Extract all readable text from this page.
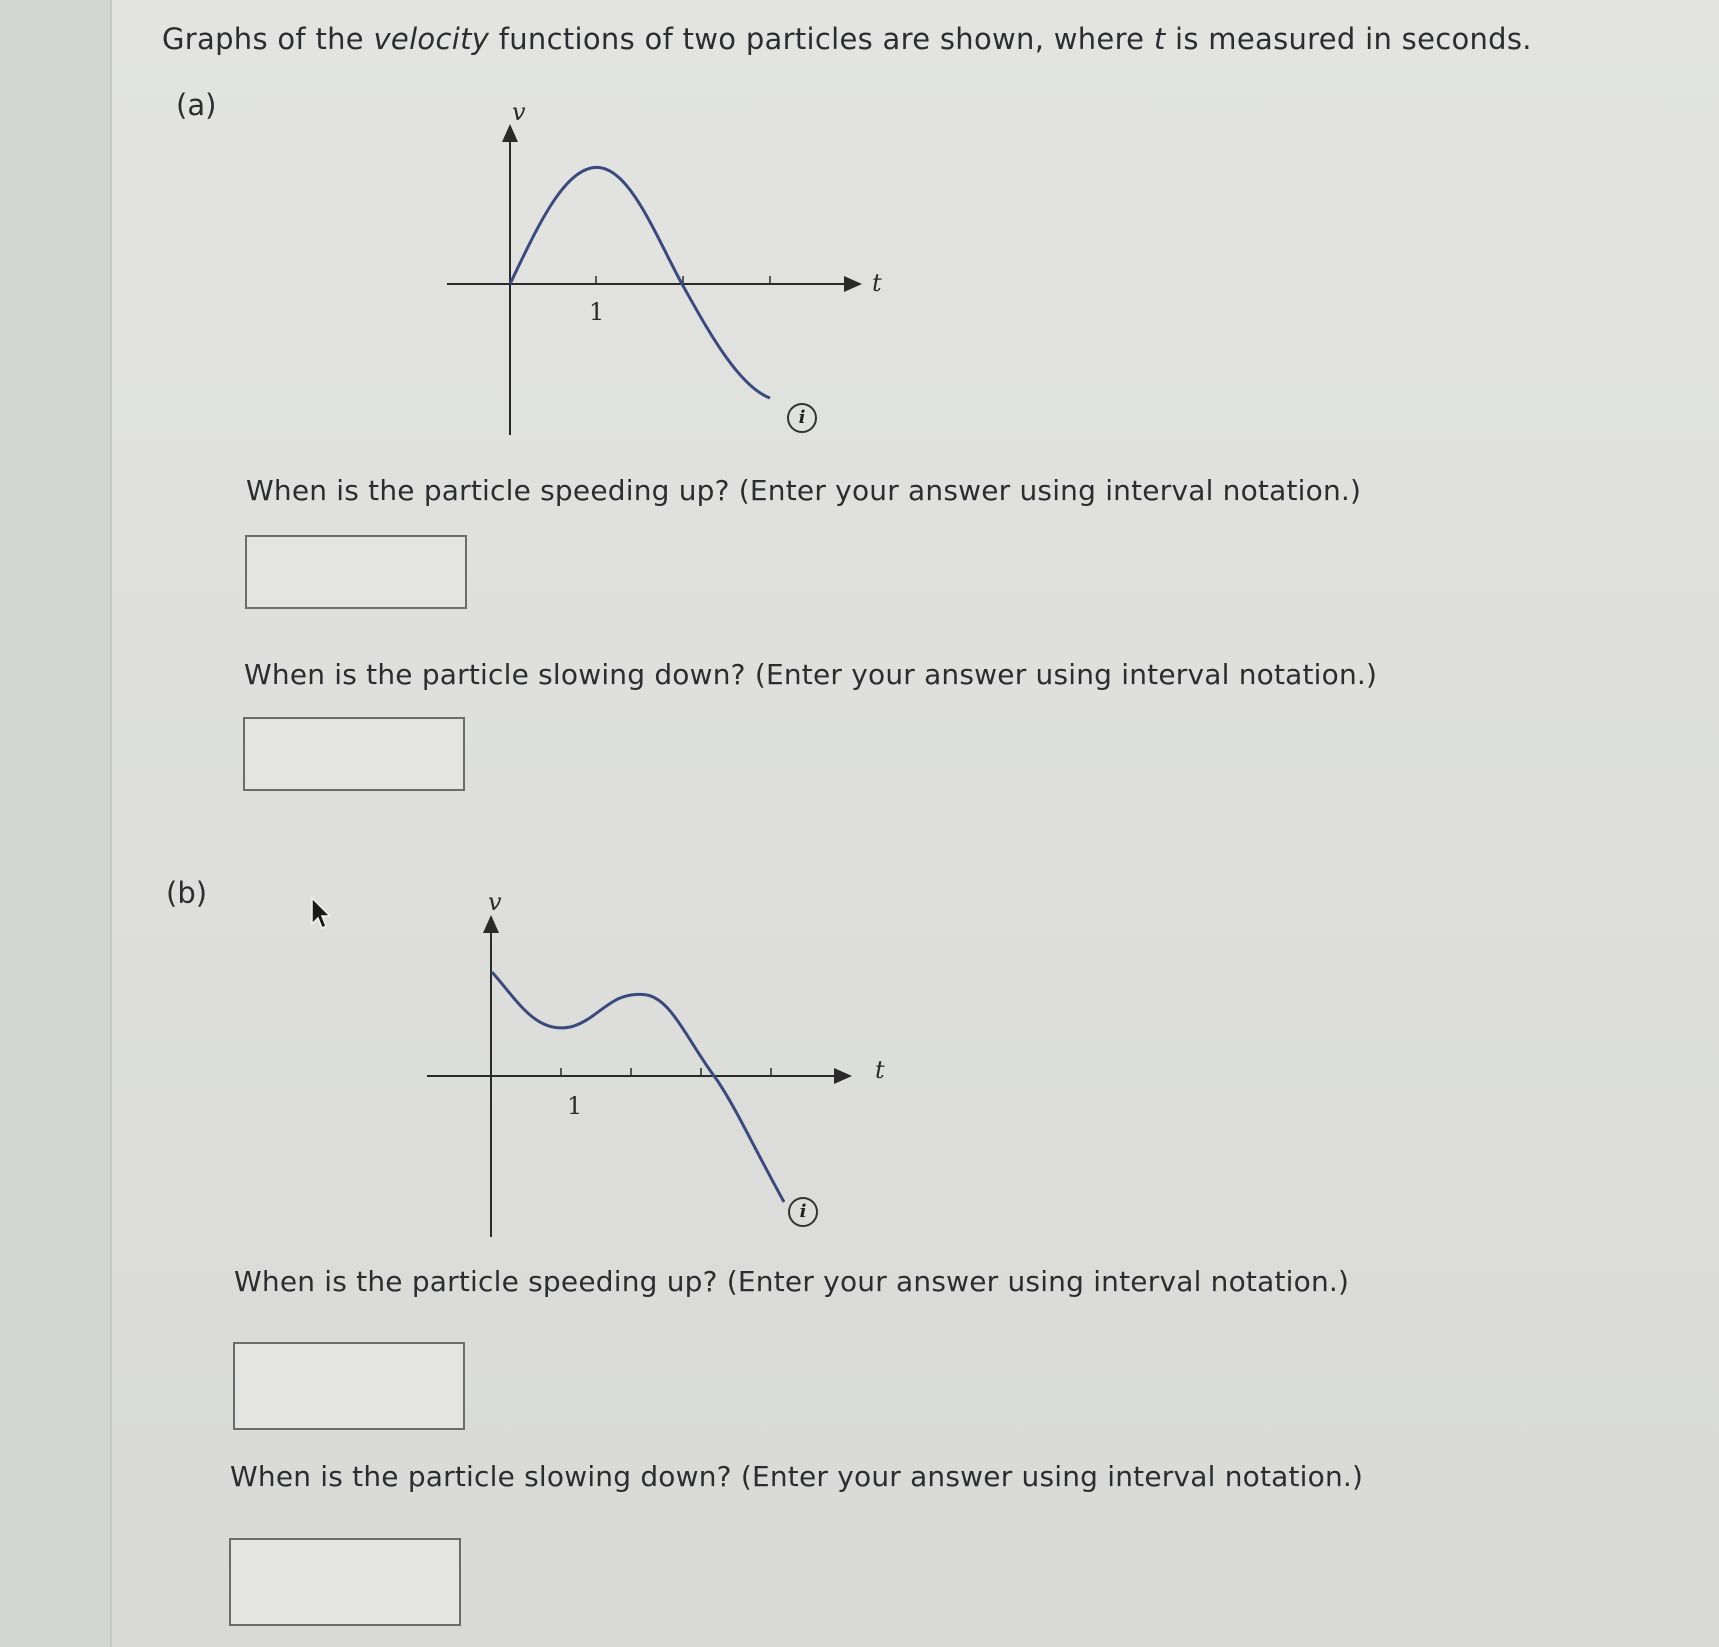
Graphs of the velocity functions of two particles are shown, where t is measured in seconds.
(a)	v
t
1
i
When is the particle speeding up? (Enter your answer using interval notation.)
When is the particle slowing down? (Enter your answer using interval notation.)
(b)	v
t
1
i
When is the particle speeding up? (Enter your answer using interval notation.)
When is the particle slowing down? (Enter your answer using interval notation.)
